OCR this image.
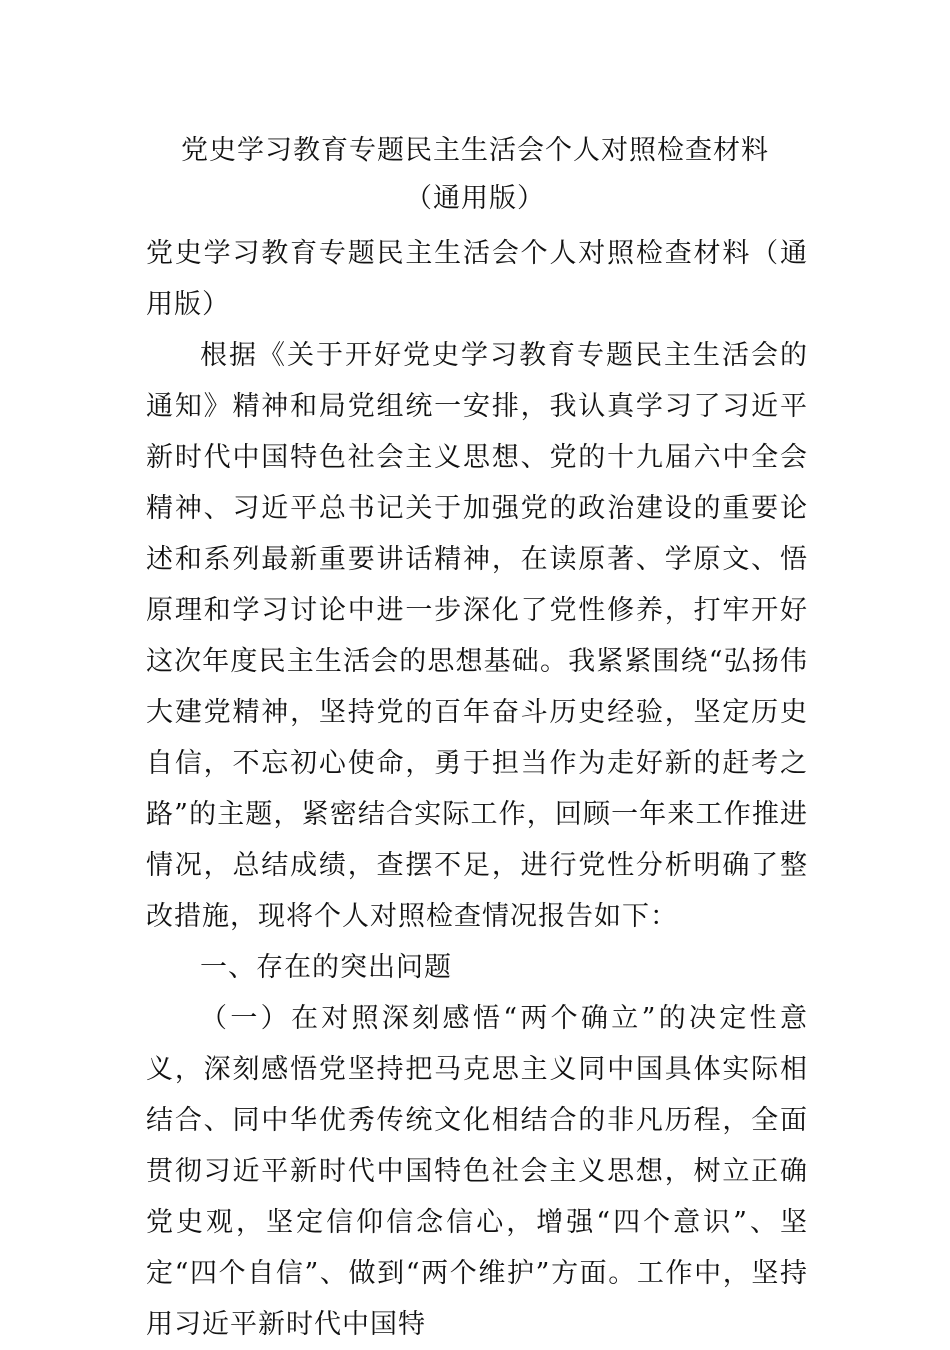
党史学习教育专题民主生活会个人对照检查材料（通用版）

党史学习教育专题民主生活会个人对照检查材料（通用版）

根据《关于开好党史学习教育专题民主生活会的通知》精神和局党组统一安排，我认真学习了习近平新时代中国特色社会主义思想、党的十九届六中全会精神、习近平总书记关于加强党的政治建设的重要论述和系列最新重要讲话精神，在读原著、学原文、悟原理和学习讨论中进一步深化了党性修养，打牢开好这次年度民主生活会的思想基础。我紧紧围绕“弘扬伟大建党精神，坚持党的百年奋斗历史经验，坚定历史自信，不忘初心使命，勇于担当作为走好新的赶考之路”的主题，紧密结合实际工作，回顾一年来工作推进情况，总结成绩，查摆不足，进行党性分析明确了整改措施，现将个人对照检查情况报告如下：

一、存在的突出问题

（一）在对照深刻感悟“两个确立”的决定性意义，深刻感悟党坚持把马克思主义同中国具体实际相结合、同中华优秀传统文化相结合的非凡历程，全面贯彻习近平新时代中国特色社会主义思想，树立正确党史观，坚定信仰信念信心，增强“四个意识”、坚定“四个自信”、做到“两个维护”方面。工作中，坚持用习近平新时代中国特
